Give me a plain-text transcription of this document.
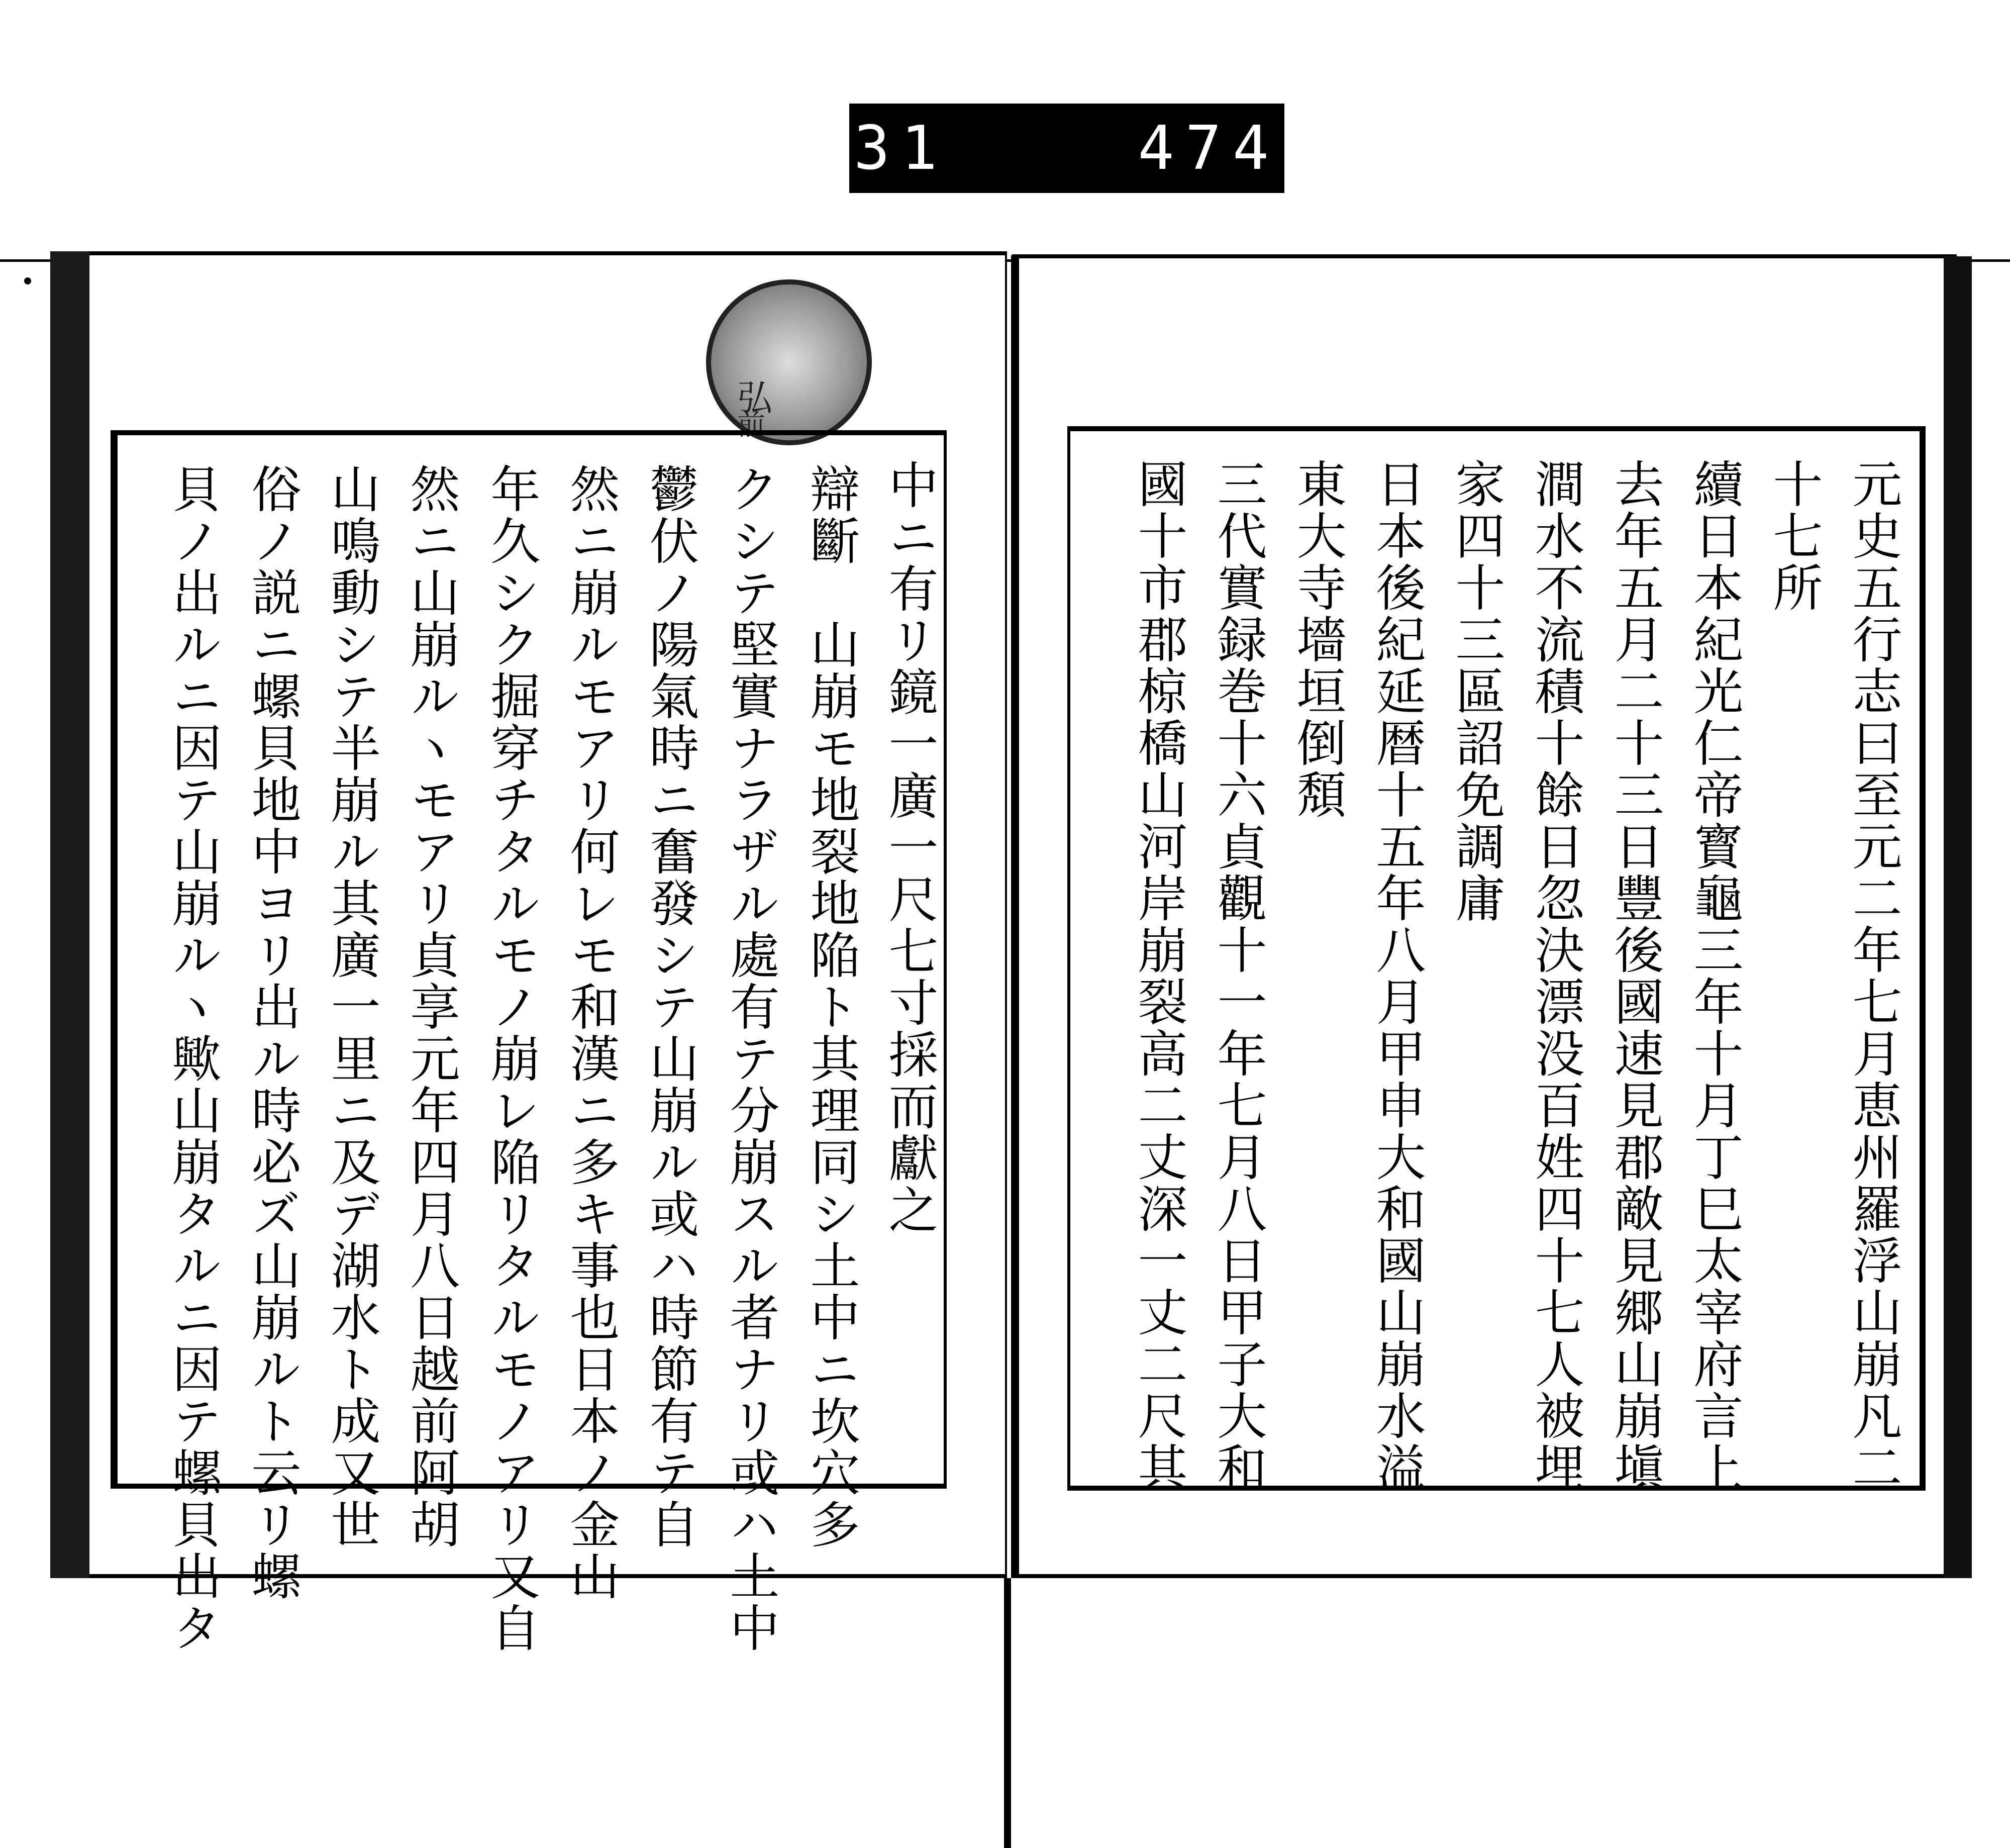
931    474.
弘
前
中ニ有リ鏡一廣一尺七寸採而獻之
辯斷　山崩モ地裂地陥ト其理同シ土中ニ坎穴多
クシテ堅實ナラザル處有テ分崩スル者ナリ或ハ土中
鬱伏ノ陽氣時ニ奮發シテ山崩ル或ハ時節有テ自
然ニ崩ルモアリ何レモ和漢ニ多キ事也日本ノ金山
年久シク掘穿チタルモノ崩レ陥リタルモノアリ又自
然ニ山崩ルヽモアリ貞享元年四月八日越前阿胡
山鳴動シテ半崩ル其廣一里ニ及デ湖水ト成又世
俗ノ説ニ螺貝地中ヨリ出ル時必ズ山崩ルト云リ螺
貝ノ出ルニ因テ山崩ルヽ歟山崩タルニ因テ螺貝出タ	元史五行志曰至元二年七月恵州羅浮山崩凡二
十七所
續日本紀光仁帝寳龜三年十月丁巳太宰府言上
去年五月二十三日豐後國速見郡敵見郷山崩塡
澗水不流積十餘日忽決漂没百姓四十七人被埋
家四十三區詔免調庸
日本後紀延暦十五年八月甲申大和國山崩水溢
東大寺墻垣倒頽
三代實録巻十六貞觀十一年七月八日甲子大和
國十市郡椋橋山河岸崩裂高二丈深一丈二尺其
